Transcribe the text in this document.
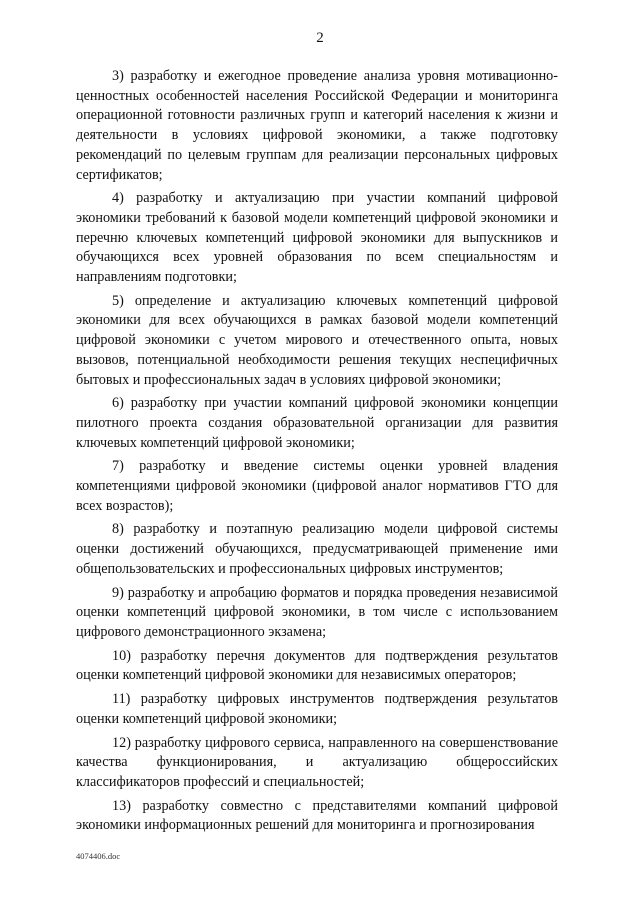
2

3) разработку и ежегодное проведение анализа уровня мотивационно-ценностных особенностей населения Российской Федерации и мониторинга операционной готовности различных групп и категорий населения к жизни и деятельности в условиях цифровой экономики, а также подготовку рекомендаций по целевым группам для реализации персональных цифровых сертификатов;

4) разработку и актуализацию при участии компаний цифровой экономики требований к базовой модели компетенций цифровой экономики и перечню ключевых компетенций цифровой экономики для выпускников и обучающихся всех уровней образования по всем специальностям и направлениям подготовки;

5) определение и актуализацию ключевых компетенций цифровой экономики для всех обучающихся в рамках базовой модели компетенций цифровой экономики с учетом мирового и отечественного опыта, новых вызовов, потенциальной необходимости решения текущих неспецифичных бытовых и профессиональных задач в условиях цифровой экономики;

6) разработку при участии компаний цифровой экономики концепции пилотного проекта создания образовательной организации для развития ключевых компетенций цифровой экономики;

7) разработку и введение системы оценки уровней владения компетенциями цифровой экономики (цифровой аналог нормативов ГТО для всех возрастов);

8) разработку и поэтапную реализацию модели цифровой системы оценки достижений обучающихся, предусматривающей применение ими общепользовательских и профессиональных цифровых инструментов;

9) разработку и апробацию форматов и порядка проведения независимой оценки компетенций цифровой экономики, в том числе с использованием цифрового демонстрационного экзамена;

10) разработку перечня документов для подтверждения результатов оценки компетенций цифровой экономики для независимых операторов;

11) разработку цифровых инструментов подтверждения результатов оценки компетенций цифровой экономики;

12) разработку цифрового сервиса, направленного на совершенствование качества функционирования, и актуализацию общероссийских классификаторов профессий и специальностей;

13) разработку совместно с представителями компаний цифровой экономики информационных решений для мониторинга и прогнозирования

4074406.doc
